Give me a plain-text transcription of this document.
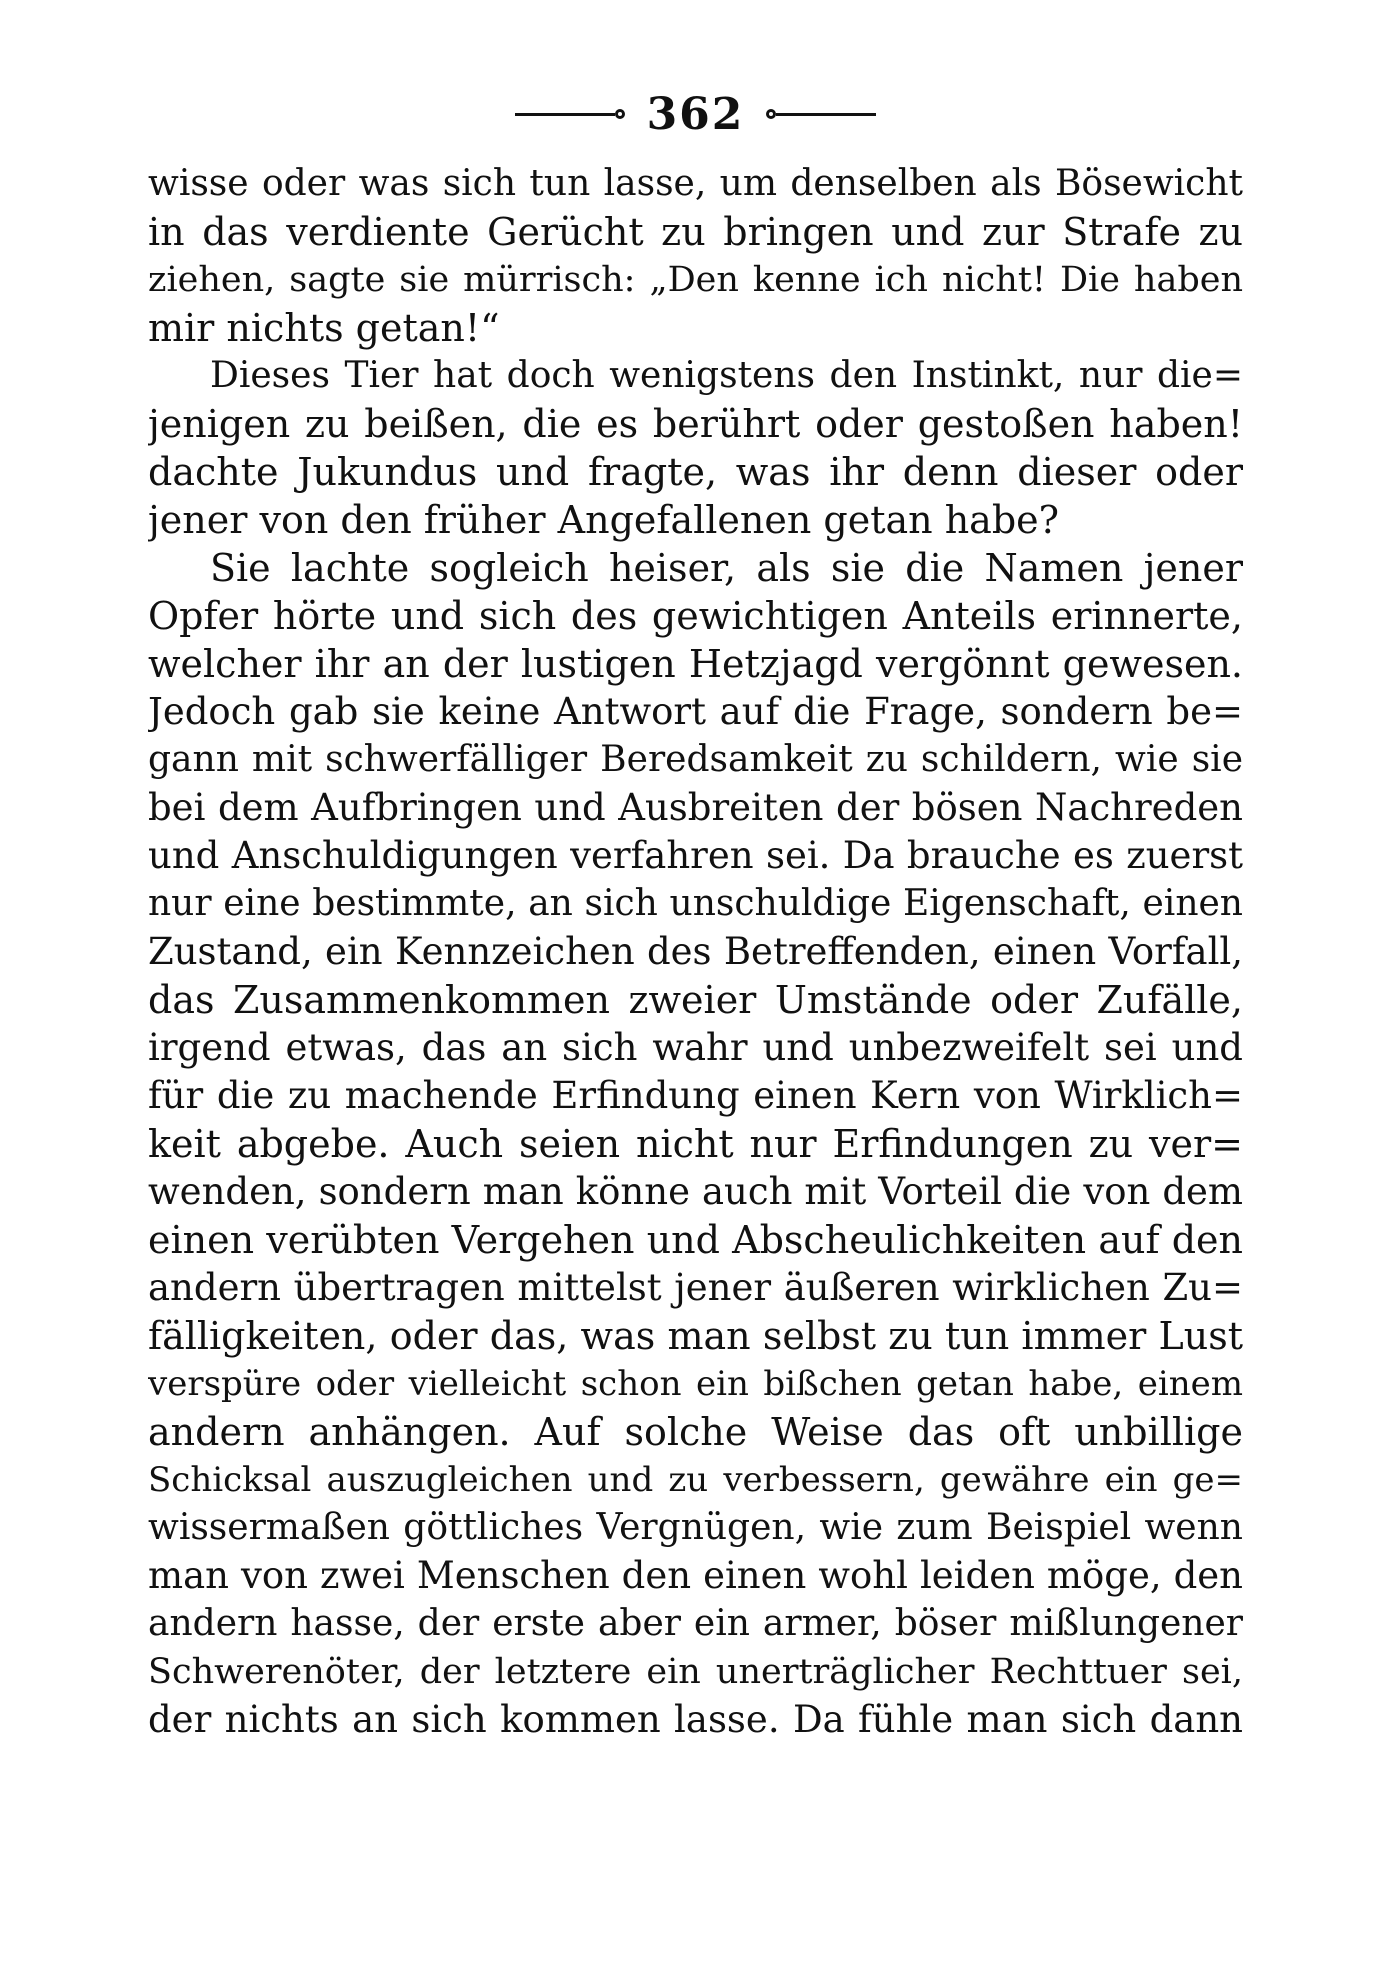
362
wisse oder was sich tun lasse, um denselben als Bösewicht
in das verdiente Gerücht zu bringen und zur Strafe zu
ziehen, sagte sie mürrisch: „Den kenne ich nicht! Die haben
mir nichts getan!“
Dieses Tier hat doch wenigstens den Instinkt, nur die=
jenigen zu beißen, die es berührt oder gestoßen haben!
dachte Jukundus und fragte, was ihr denn dieser oder
jener von den früher Angefallenen getan habe?
Sie lachte sogleich heiser, als sie die Namen jener
Opfer hörte und sich des gewichtigen Anteils erinnerte,
welcher ihr an der lustigen Hetzjagd vergönnt gewesen.
Jedoch gab sie keine Antwort auf die Frage, sondern be=
gann mit schwerfälliger Beredsamkeit zu schildern, wie sie
bei dem Aufbringen und Ausbreiten der bösen Nachreden
und Anschuldigungen verfahren sei. Da brauche es zuerst
nur eine bestimmte, an sich unschuldige Eigenschaft, einen
Zustand, ein Kennzeichen des Betreffenden, einen Vorfall,
das Zusammenkommen zweier Umstände oder Zufälle,
irgend etwas, das an sich wahr und unbezweifelt sei und
für die zu machende Erfindung einen Kern von Wirklich=
keit abgebe. Auch seien nicht nur Erfindungen zu ver=
wenden, sondern man könne auch mit Vorteil die von dem
einen verübten Vergehen und Abscheulichkeiten auf den
andern übertragen mittelst jener äußeren wirklichen Zu=
fälligkeiten, oder das, was man selbst zu tun immer Lust
verspüre oder vielleicht schon ein bißchen getan habe, einem
andern anhängen. Auf solche Weise das oft unbillige
Schicksal auszugleichen und zu verbessern, gewähre ein ge=
wissermaßen göttliches Vergnügen, wie zum Beispiel wenn
man von zwei Menschen den einen wohl leiden möge, den
andern hasse, der erste aber ein armer, böser mißlungener
Schwerenöter, der letztere ein unerträglicher Rechttuer sei,
der nichts an sich kommen lasse. Da fühle man sich dann
